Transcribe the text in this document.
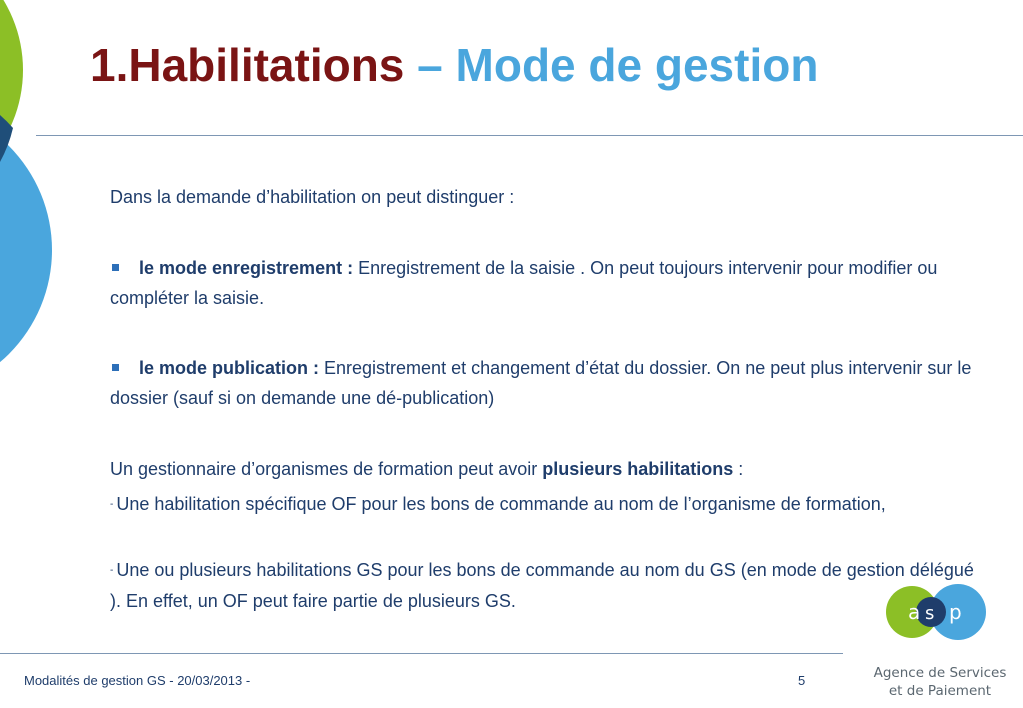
1.Habilitations – Mode de gestion

Dans la demande d’habilitation on peut distinguer :

le mode enregistrement : Enregistrement de la saisie . On peut toujours intervenir pour modifier ou compléter la saisie.

le mode publication : Enregistrement et changement d’état du dossier. On ne peut plus intervenir sur le dossier (sauf si on demande une dé-publication)

Un gestionnaire d’organismes de formation peut avoir plusieurs habilitations :

- Une habilitation spécifique OF pour les bons de commande au nom de l’organisme de formation,

- Une ou plusieurs habilitations GS pour les bons de commande au nom du GS (en mode de gestion délégué ). En effet, un OF peut faire partie de plusieurs GS.	a s p
Agence de Services
et de Paiement
Modalités de gestion GS - 20/03/2013 -	5
